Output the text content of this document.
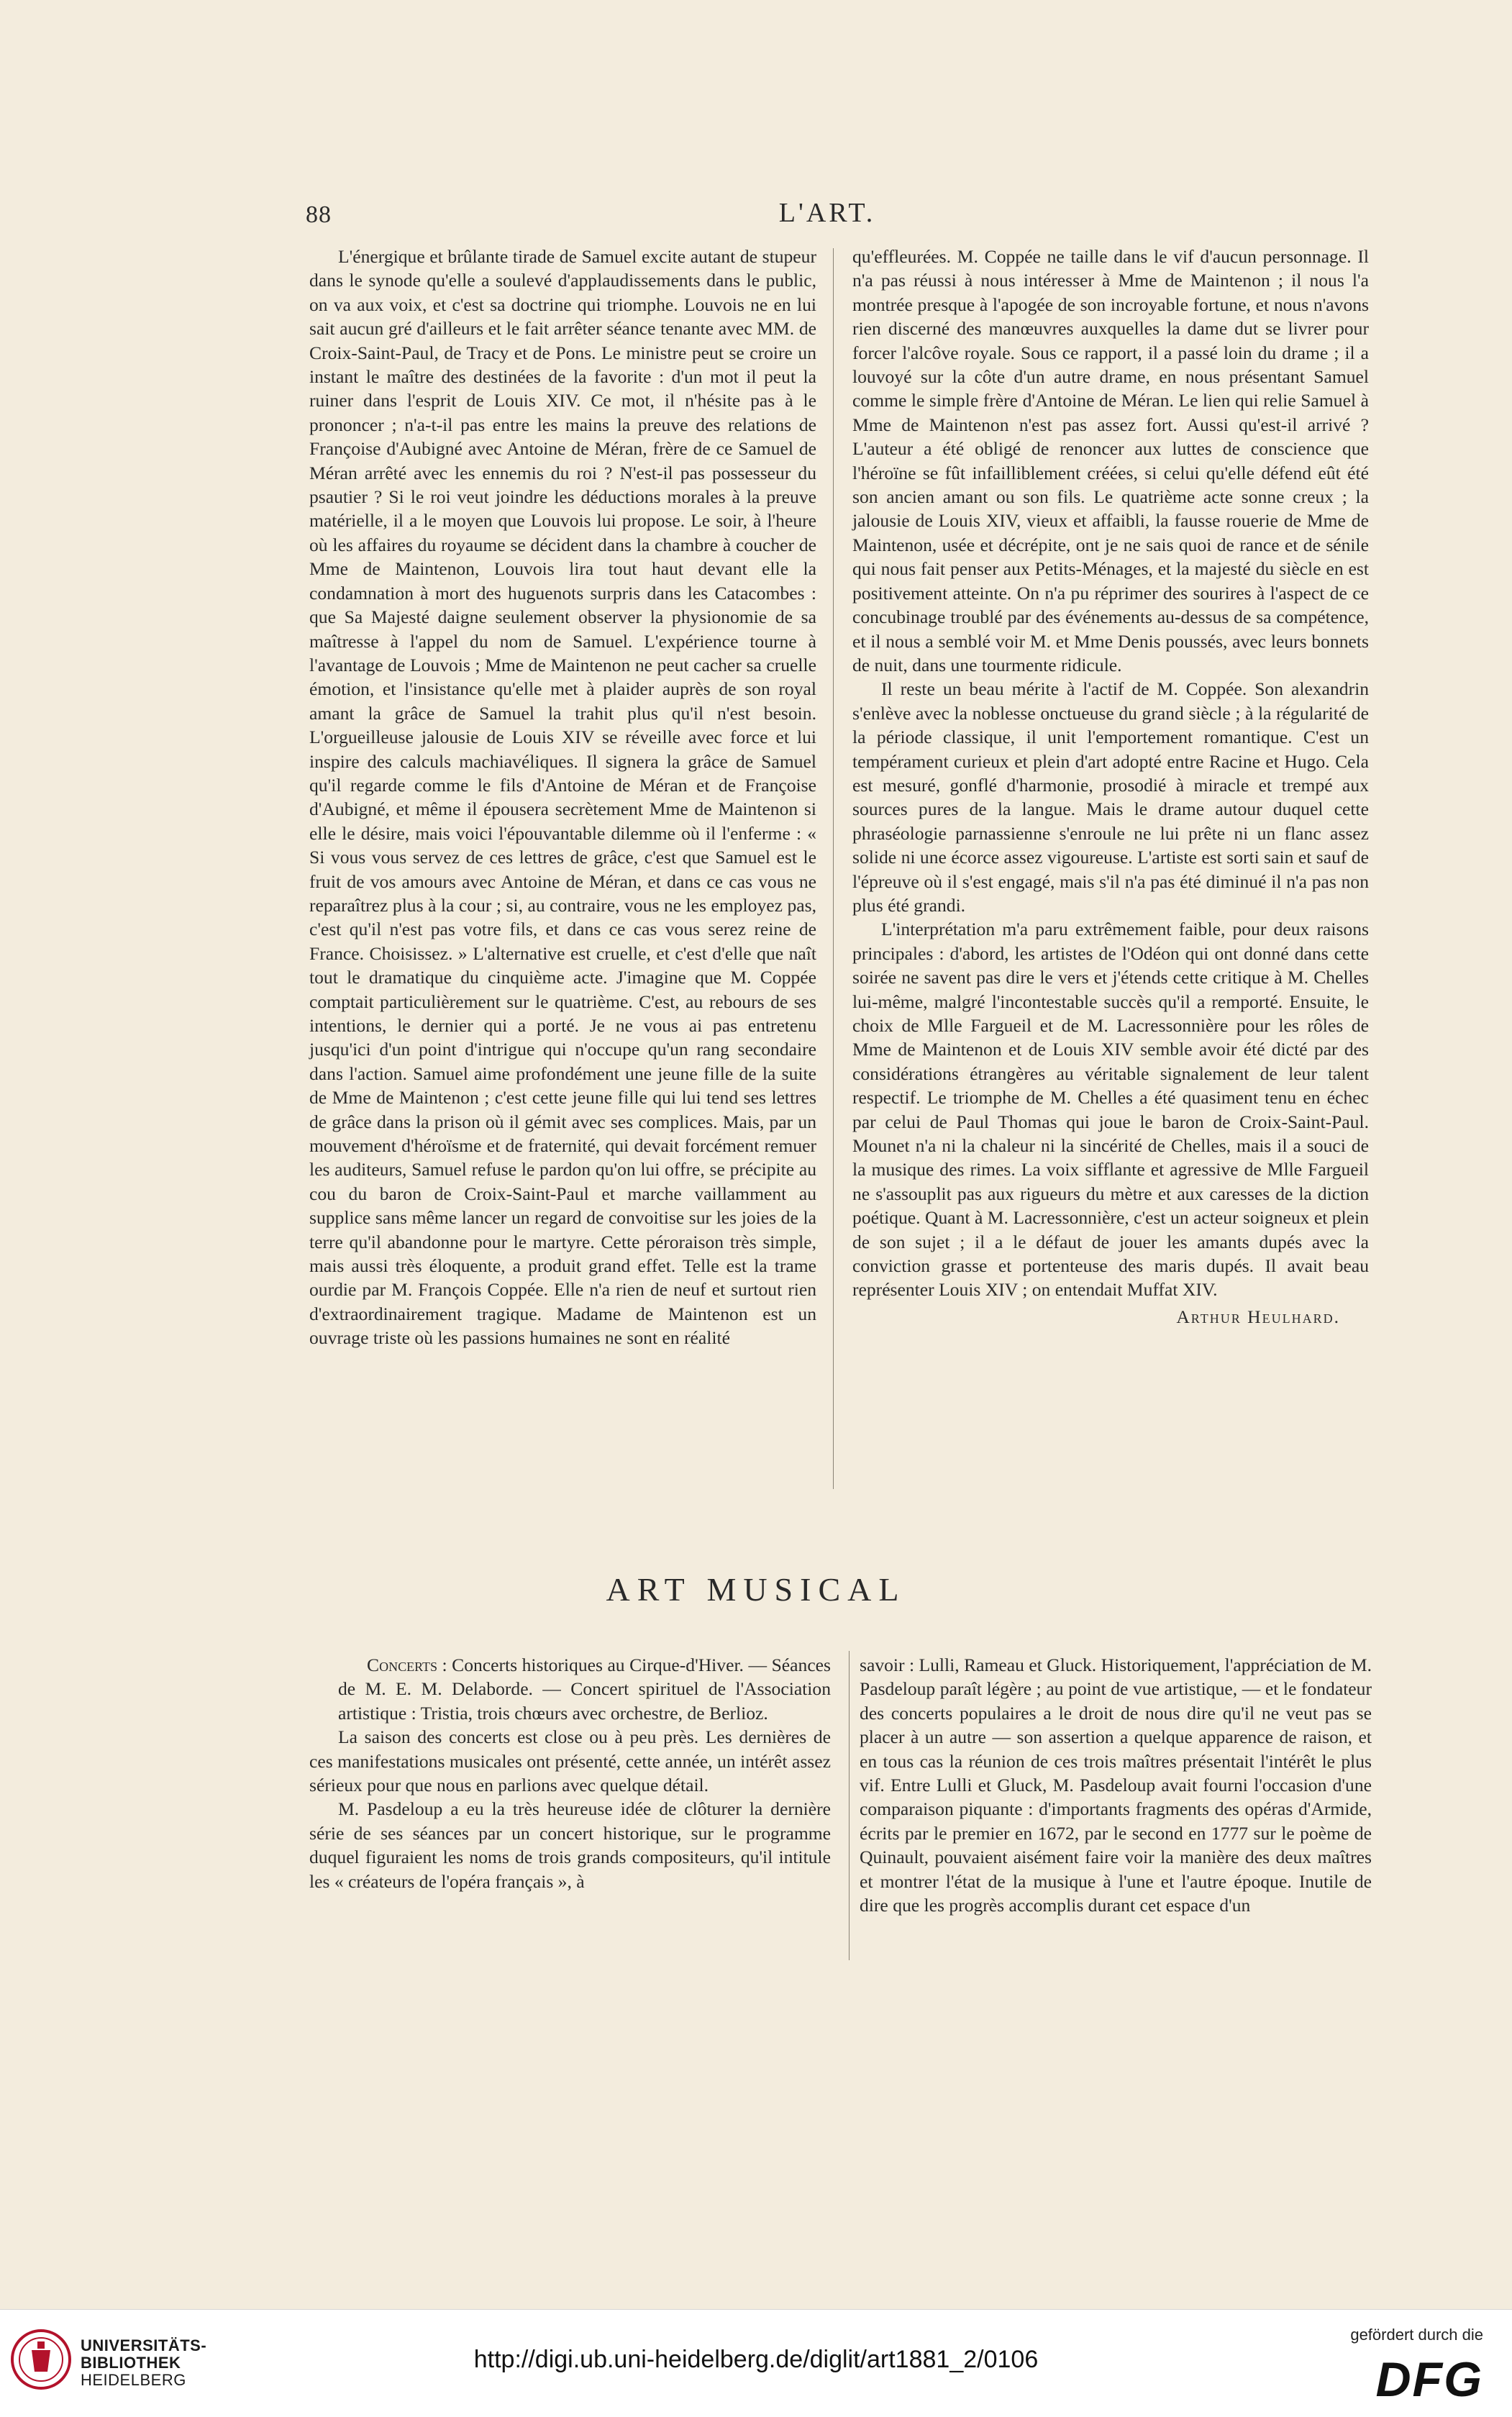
88	L'ART.

L'énergique et brûlante tirade de Samuel excite autant de stupeur dans le synode qu'elle a soulevé d'applaudissements dans le public, on va aux voix, et c'est sa doctrine qui triomphe. Louvois ne en lui sait aucun gré d'ailleurs et le fait arrêter séance tenante avec MM. de Croix-Saint-Paul, de Tracy et de Pons. Le ministre peut se croire un instant le maître des destinées de la favorite : d'un mot il peut la ruiner dans l'esprit de Louis XIV. Ce mot, il n'hésite pas à le prononcer ; n'a-t-il pas entre les mains la preuve des relations de Françoise d'Aubigné avec Antoine de Méran, frère de ce Samuel de Méran arrêté avec les ennemis du roi ? N'est-il pas possesseur du psautier ? Si le roi veut joindre les déductions morales à la preuve matérielle, il a le moyen que Louvois lui propose. Le soir, à l'heure où les affaires du royaume se décident dans la chambre à coucher de Mme de Maintenon, Louvois lira tout haut devant elle la condamnation à mort des huguenots surpris dans les Catacombes : que Sa Majesté daigne seulement observer la physionomie de sa maîtresse à l'appel du nom de Samuel. L'expérience tourne à l'avantage de Louvois ; Mme de Maintenon ne peut cacher sa cruelle émotion, et l'insistance qu'elle met à plaider auprès de son royal amant la grâce de Samuel la trahit plus qu'il n'est besoin. L'orgueilleuse jalousie de Louis XIV se réveille avec force et lui inspire des calculs machiavéliques. Il signera la grâce de Samuel qu'il regarde comme le fils d'Antoine de Méran et de Françoise d'Aubigné, et même il épousera secrètement Mme de Maintenon si elle le désire, mais voici l'épouvantable dilemme où il l'enferme : « Si vous vous servez de ces lettres de grâce, c'est que Samuel est le fruit de vos amours avec Antoine de Méran, et dans ce cas vous ne reparaîtrez plus à la cour ; si, au contraire, vous ne les employez pas, c'est qu'il n'est pas votre fils, et dans ce cas vous serez reine de France. Choisissez. » L'alternative est cruelle, et c'est d'elle que naît tout le dramatique du cinquième acte. J'imagine que M. Coppée comptait particulièrement sur le quatrième. C'est, au rebours de ses intentions, le dernier qui a porté. Je ne vous ai pas entretenu jusqu'ici d'un point d'intrigue qui n'occupe qu'un rang secondaire dans l'action. Samuel aime profondément une jeune fille de la suite de Mme de Maintenon ; c'est cette jeune fille qui lui tend ses lettres de grâce dans la prison où il gémit avec ses complices. Mais, par un mouvement d'héroïsme et de fraternité, qui devait forcément remuer les auditeurs, Samuel refuse le pardon qu'on lui offre, se précipite au cou du baron de Croix-Saint-Paul et marche vaillamment au supplice sans même lancer un regard de convoitise sur les joies de la terre qu'il abandonne pour le martyre. Cette péroraison très simple, mais aussi très éloquente, a produit grand effet. Telle est la trame ourdie par M. François Coppée. Elle n'a rien de neuf et surtout rien d'extraordinairement tragique. Madame de Maintenon est un ouvrage triste où les passions humaines ne sont en réalité

qu'effleurées. M. Coppée ne taille dans le vif d'aucun personnage. Il n'a pas réussi à nous intéresser à Mme de Maintenon ; il nous l'a montrée presque à l'apogée de son incroyable fortune, et nous n'avons rien discerné des manœuvres auxquelles la dame dut se livrer pour forcer l'alcôve royale. Sous ce rapport, il a passé loin du drame ; il a louvoyé sur la côte d'un autre drame, en nous présentant Samuel comme le simple frère d'Antoine de Méran. Le lien qui relie Samuel à Mme de Maintenon n'est pas assez fort. Aussi qu'est-il arrivé ? L'auteur a été obligé de renoncer aux luttes de conscience que l'héroïne se fût infailliblement créées, si celui qu'elle défend eût été son ancien amant ou son fils. Le quatrième acte sonne creux ; la jalousie de Louis XIV, vieux et affaibli, la fausse rouerie de Mme de Maintenon, usée et décrépite, ont je ne sais quoi de rance et de sénile qui nous fait penser aux Petits-Ménages, et la majesté du siècle en est positivement atteinte. On n'a pu réprimer des sourires à l'aspect de ce concubinage troublé par des événements au-dessus de sa compétence, et il nous a semblé voir M. et Mme Denis poussés, avec leurs bonnets de nuit, dans une tourmente ridicule.

Il reste un beau mérite à l'actif de M. Coppée. Son alexandrin s'enlève avec la noblesse onctueuse du grand siècle ; à la régularité de la période classique, il unit l'emportement romantique. C'est un tempérament curieux et plein d'art adopté entre Racine et Hugo. Cela est mesuré, gonflé d'harmonie, prosodié à miracle et trempé aux sources pures de la langue. Mais le drame autour duquel cette phraséologie parnassienne s'enroule ne lui prête ni un flanc assez solide ni une écorce assez vigoureuse. L'artiste est sorti sain et sauf de l'épreuve où il s'est engagé, mais s'il n'a pas été diminué il n'a pas non plus été grandi.

L'interprétation m'a paru extrêmement faible, pour deux raisons principales : d'abord, les artistes de l'Odéon qui ont donné dans cette soirée ne savent pas dire le vers et j'étends cette critique à M. Chelles lui-même, malgré l'incontestable succès qu'il a remporté. Ensuite, le choix de Mlle Fargueil et de M. Lacressonnière pour les rôles de Mme de Maintenon et de Louis XIV semble avoir été dicté par des considérations étrangères au véritable signalement de leur talent respectif. Le triomphe de M. Chelles a été quasiment tenu en échec par celui de Paul Thomas qui joue le baron de Croix-Saint-Paul. Mounet n'a ni la chaleur ni la sincérité de Chelles, mais il a souci de la musique des rimes. La voix sifflante et agressive de Mlle Fargueil ne s'assouplit pas aux rigueurs du mètre et aux caresses de la diction poétique. Quant à M. Lacressonnière, c'est un acteur soigneux et plein de son sujet ; il a le défaut de jouer les amants dupés avec la conviction grasse et portenteuse des maris dupés. Il avait beau représenter Louis XIV ; on entendait Muffat XIV.

Arthur Heulhard.
ART MUSICAL

Concerts : Concerts historiques au Cirque-d'Hiver. — Séances de M. E. M. Delaborde. — Concert spirituel de l'Association artistique : Tristia, trois chœurs avec orchestre, de Berlioz.

La saison des concerts est close ou à peu près. Les dernières de ces manifestations musicales ont présenté, cette année, un intérêt assez sérieux pour que nous en parlions avec quelque détail.

M. Pasdeloup a eu la très heureuse idée de clôturer la dernière série de ses séances par un concert historique, sur le programme duquel figuraient les noms de trois grands compositeurs, qu'il intitule les « créateurs de l'opéra français », à

savoir : Lulli, Rameau et Gluck. Historiquement, l'appréciation de M. Pasdeloup paraît légère ; au point de vue artistique, — et le fondateur des concerts populaires a le droit de nous dire qu'il ne veut pas se placer à un autre — son assertion a quelque apparence de raison, et en tous cas la réunion de ces trois maîtres présentait l'intérêt le plus vif. Entre Lulli et Gluck, M. Pasdeloup avait fourni l'occasion d'une comparaison piquante : d'importants fragments des opéras d'Armide, écrits par le premier en 1672, par le second en 1777 sur le poème de Quinault, pouvaient aisément faire voir la manière des deux maîtres et montrer l'état de la musique à l'une et l'autre époque. Inutile de dire que les progrès accomplis durant cet espace d'un

UNIVERSITÄTS-
BIBLIOTHEK
HEIDELBERG
http://digi.ub.uni-heidelberg.de/diglit/art1881_2/0106
gefördert durch die
DFG
